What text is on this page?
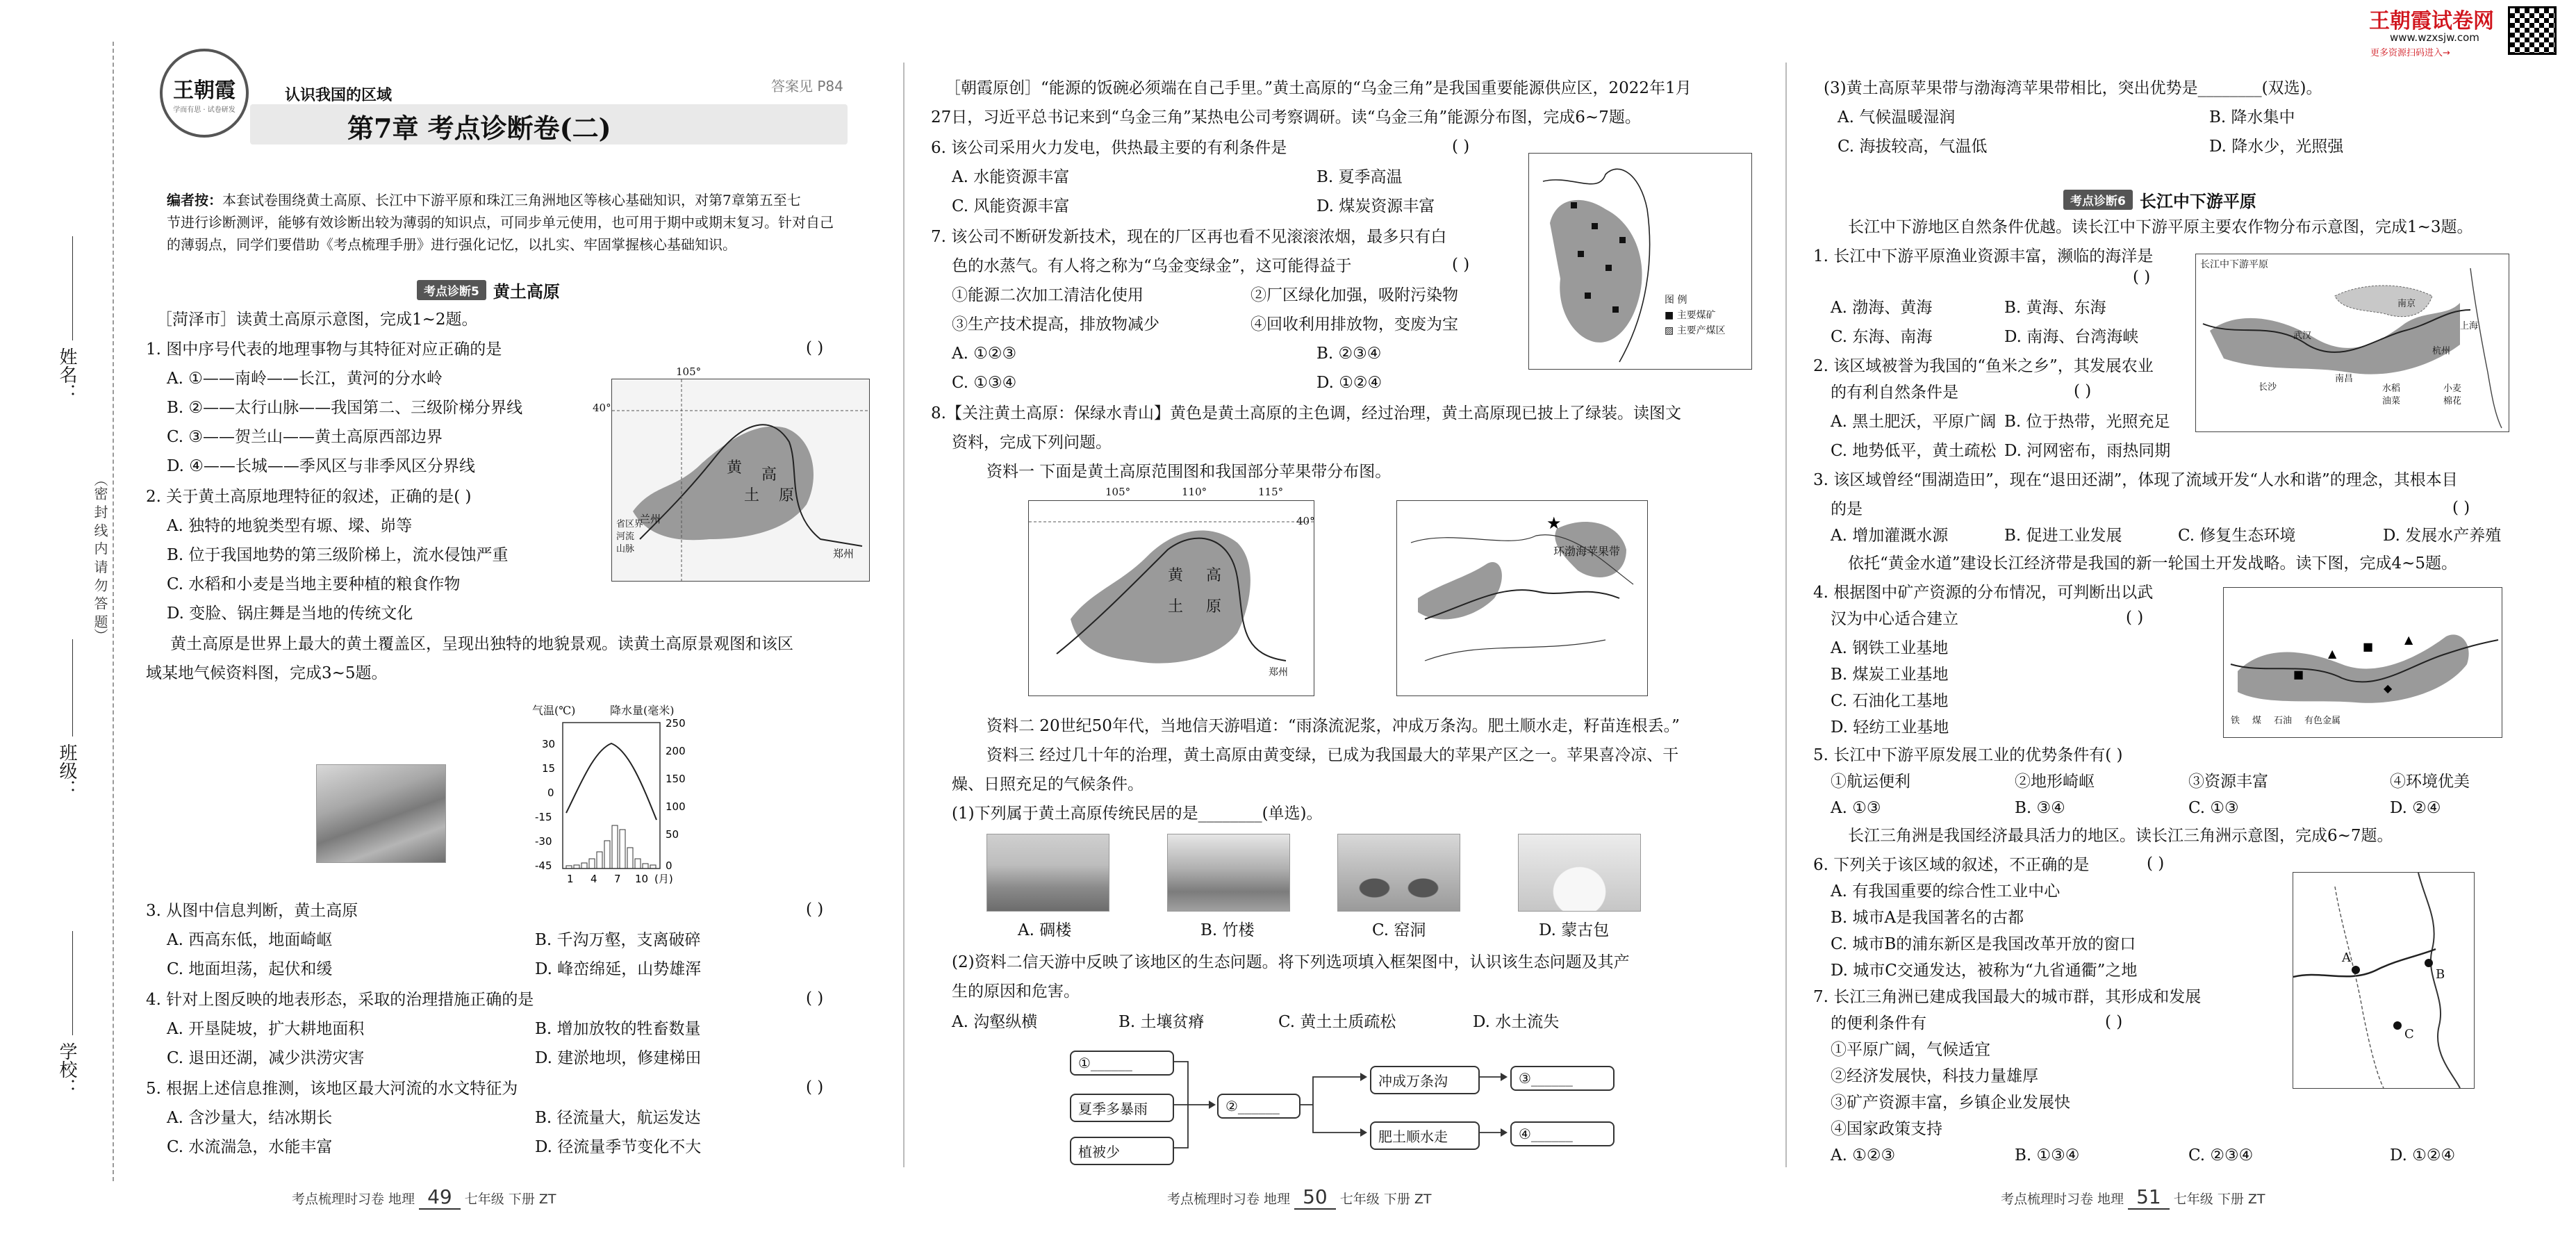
姓名：
（密 封 线 内 请 勿 答 题）
班级：
学校：
王朝霞
学而有思 · 试卷研发
认识我国的区域	答案见 P84
第7章 考点诊断卷(二)
编者按：本套试卷围绕黄土高原、长江中下游平原和珠江三角洲地区等核心基础知识，对第7章第五至七
节进行诊断测评，能够有效诊断出较为薄弱的知识点，可同步单元使用，也可用于期中或期末复习。针对自己
的薄弱点，同学们要借助《考点梳理手册》进行强化记忆，以扎实、牢固掌握核心基础知识。
考点诊断5 黄土高原
［菏泽市］读黄土高原示意图，完成1~2题。
1. 图中序号代表的地理事物与其特征对应正确的是	( )
A. ①——南岭——长江，黄河的分水岭
B. ②——太行山脉——我国第二、三级阶梯分界线
C. ③——贺兰山——黄土高原西部边界
D. ④——长城——季风区与非季风区分界线
2. 关于黄土高原地理特征的叙述，正确的是( )
A. 独特的地貌类型有塬、墚、峁等
B. 位于我国地势的第三级阶梯上，流水侵蚀严重
C. 水稻和小麦是当地主要种植的粮食作物
D. 变脸、锅庄舞是当地的传统文化
黄土高原是世界上最大的黄土覆盖区，呈现出独特的地貌景观。读黄土高原景观图和该区
域某地气候资料图，完成3~5题。
40°
105°
黄
土
高
原
兰州
郑州
省区界
河流
山脉
气温(℃)	降水量(毫米)
30
15
0
-15
-30
-45
250
200
150
100
50
0
1 4 7 10 (月)
3. 从图中信息判断，黄土高原	( )
A. 西高东低，地面崎岖	B. 千沟万壑，支离破碎
C. 地面坦荡，起伏和缓	D. 峰峦绵延，山势雄浑
4. 针对上图反映的地表形态，采取的治理措施正确的是	( )
A. 开垦陡坡，扩大耕地面积	B. 增加放牧的牲畜数量
C. 退田还湖，减少洪涝灾害	D. 建淤地坝，修建梯田
5. 根据上述信息推测，该地区最大河流的水文特征为	( )
A. 含沙量大，结冰期长	B. 径流量大，航运发达
C. 水流湍急，水能丰富	D. 径流量季节变化不大
［朝霞原创］“能源的饭碗必须端在自己手里。”黄土高原的“乌金三角”是我国重要能源供应区，2022年1月
27日，习近平总书记来到“乌金三角”某热电公司考察调研。读“乌金三角”能源分布图，完成6~7题。
6. 该公司采用火力发电，供热最主要的有利条件是	( )
A. 水能资源丰富	B. 夏季高温
C. 风能资源丰富	D. 煤炭资源丰富
7. 该公司不断研发新技术，现在的厂区再也看不见滚滚浓烟，最多只有白
色的水蒸气。有人将之称为“乌金变绿金”，这可能得益于	( )
①能源二次加工清洁化使用	②厂区绿化加强，吸附污染物
③生产技术提高，排放物减少	④回收利用排放物，变废为宝
A. ①②③	B. ②③④
C. ①③④	D. ①②④
图 例
■ 主要煤矿
▨ 主要产煤区
8.【关注黄土高原：保绿水青山】黄色是黄土高原的主色调，经过治理，黄土高原现已披上了绿装。读图文
资料，完成下列问题。
资料一 下面是黄土高原范围图和我国部分苹果带分布图。
105°	110°	115°
40°
黄
土
高
原
郑州
★
环渤海苹果带
资料二 20世纪50年代，当地信天游唱道：“雨涤流泥浆，冲成万条沟。肥土顺水走，籽苗连根丢。”
资料三 经过几十年的治理，黄土高原由黄变绿，已成为我国最大的苹果产区之一。苹果喜冷凉、干
燥、日照充足的气候条件。
(1)下列属于黄土高原传统民居的是________(单选)。
A. 碉楼	B. 竹楼	C. 窑洞	D. 蒙古包
(2)资料二信天游中反映了该地区的生态问题。将下列选项填入框架图中，认识该生态问题及其产
生的原因和危害。
A. 沟壑纵横	B. 土壤贫瘠	C. 黄土土质疏松	D. 水土流失
①______
夏季多暴雨
植被少
②______
冲成万条沟
肥土顺水走
③______
④______
王朝霞试卷网
www.wzxsjw.com
更多资源扫码进入→
(3)黄土高原苹果带与渤海湾苹果带相比，突出优势是________(双选)。
A. 气候温暖湿润	B. 降水集中
C. 海拔较高，气温低	D. 降水少，光照强
考点诊断6 长江中下游平原
长江中下游地区自然条件优越。读长江中下游平原主要农作物分布示意图，完成1~3题。
1. 长江中下游平原渔业资源丰富，濒临的海洋是
( )
A. 渤海、黄海	B. 黄海、东海
C. 东海、南海	D. 南海、台湾海峡
2. 该区域被誉为我国的“鱼米之乡”，其发展农业
的有利自然条件是	( )
A. 黑土肥沃，平原广阔 B. 位于热带，光照充足
C. 地势低平，黄土疏松 D. 河网密布，雨热同期
长江中下游平原
南京
杭州
上海
武汉
长沙
南昌
水稻	小麦
油菜	棉花
3. 该区域曾经“围湖造田”，现在“退田还湖”，体现了流域开发“人水和谐”的理念，其根本目
的是	( )
A. 增加灌溉水源	B. 促进工业发展	C. 修复生态环境	D. 发展水产养殖
依托“黄金水道”建设长江经济带是我国的新一轮国土开发战略。读下图，完成4~5题。
4. 根据图中矿产资源的分布情况，可判断出以武
汉为中心适合建立	( )
A. 钢铁工业基地
B. 煤炭工业基地
C. 石油化工基地
D. 轻纺工业基地
▲
■
▲
■
◆
铁 煤 石油 有色金属
5. 长江中下游平原发展工业的优势条件有( )
①航运便利	②地形崎岖	③资源丰富	④环境优美
A. ①③	B. ③④	C. ①③	D. ②④
长江三角洲是我国经济最具活力的地区。读长江三角洲示意图，完成6~7题。
6. 下列关于该区域的叙述，不正确的是	( )
A. 有我国重要的综合性工业中心
B. 城市A是我国著名的古都
C. 城市B的浦东新区是我国改革开放的窗口
D. 城市C交通发达，被称为“九省通衢”之地
7. 长江三角洲已建成我国最大的城市群，其形成和发展
的便利条件有	( )
①平原广阔，气候适宜
②经济发展快，科技力量雄厚
③矿产资源丰富，乡镇企业发展快
④国家政策支持
A. ①②③	B. ①③④	C. ②③④	D. ①②④
A
B
C
考点梳理时习卷 地理 49 七年级 下册 ZT	考点梳理时习卷 地理 50 七年级 下册 ZT	考点梳理时习卷 地理 51 七年级 下册 ZT
